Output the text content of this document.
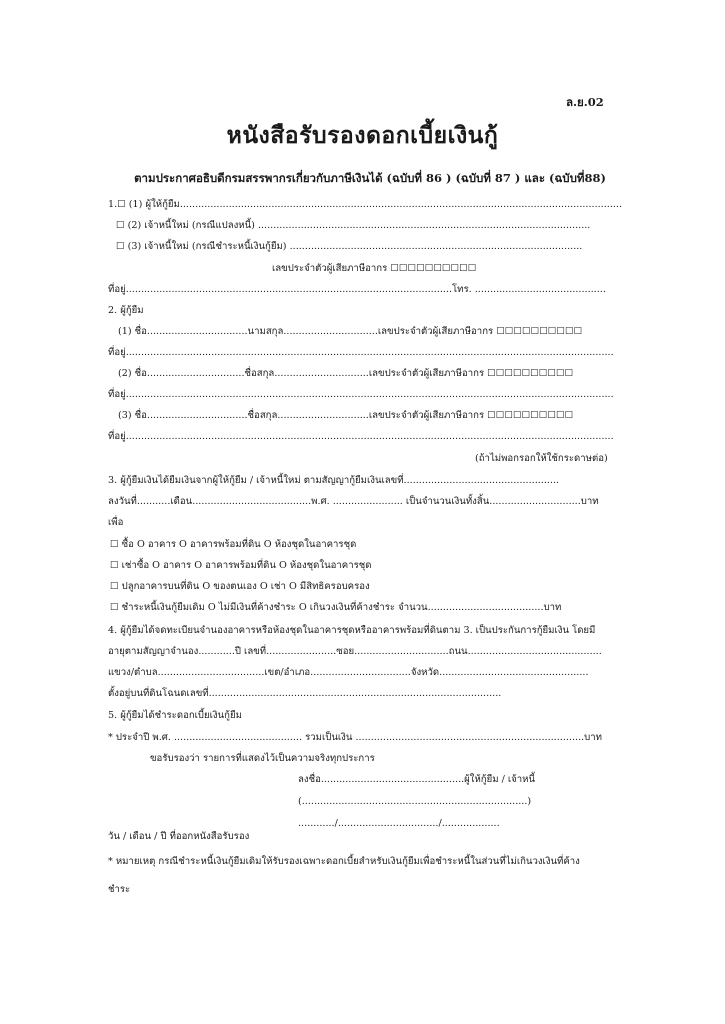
ล.ย.02
หนังสือรับรองดอกเบี้ยเงินกู้
ตามประกาศอธิบดีกรมสรรพากรเกี่ยวกับภาษีเงินได้ (ฉบับที่ 86 ) (ฉบับที่ 87 ) และ (ฉบับที่88)
1.☐ (1) ผู้ให้กู้ยืม.................................................................................................................................................
☐ (2) เจ้าหนี้ใหม่ (กรณีแปลงหนี้) .............................................................................................................
☐ (3) เจ้าหนี้ใหม่ (กรณีชำระหนี้เงินกู้ยืม) ................................................................................................
เลขประจำตัวผู้เสียภาษีอากร ☐☐☐☐☐☐☐☐☐☐
ที่อยู่...........................................................................................................โทร. ...........................................
2. ผู้กู้ยืม
(1) ชื่อ.................................นามสกุล...............................เลขประจำตัวผู้เสียภาษีอากร ☐☐☐☐☐☐☐☐☐☐
ที่อยู่................................................................................................................................................................
(2) ชื่อ................................ชื่อสกุล...............................เลขประจำตัวผู้เสียภาษีอากร ☐☐☐☐☐☐☐☐☐☐
ที่อยู่................................................................................................................................................................
(3) ชื่อ.................................ชื่อสกุล..............................เลขประจำตัวผู้เสียภาษีอากร ☐☐☐☐☐☐☐☐☐☐
ที่อยู่................................................................................................................................................................
(ถ้าไม่พอกรอกให้ใช้กระดาษต่อ)
3. ผู้กู้ยืมเงินได้ยืมเงินจากผู้ให้กู้ยืม / เจ้าหนี้ใหม่ ตามสัญญากู้ยืมเงินเลขที่...................................................
ลงวันที่...........เดือน.......................................พ.ศ. ....................... เป็นจำนวนเงินทั้งสิ้น..............................บาท
เพื่อ
☐ ซื้อ O อาคาร O อาคารพร้อมที่ดิน O ห้องชุดในอาคารชุด
☐ เช่าซื้อ O อาคาร O อาคารพร้อมที่ดิน O ห้องชุดในอาคารชุด
☐ ปลูกอาคารบนที่ดิน O ของตนเอง O เช่า O มีสิทธิครอบครอง
☐ ชำระหนี้เงินกู้ยืมเดิม O ไม่มีเงินที่ค้างชำระ O เกินวงเงินที่ค้างชำระ จำนวน......................................บาท
4. ผู้กู้ยืมได้จดทะเบียนจำนองอาคารหรือห้องชุดในอาคารชุดหรืออาคารพร้อมที่ดินตาม 3. เป็นประกันการกู้ยืมเงิน โดยมี
อายุตามสัญญาจำนอง............ปี เลขที่.......................ซอย...............................ถนน............................................
แขวง/ตำบล...................................เขต/อำเภอ.................................จังหวัด.................................................
ตั้งอยู่บนที่ดินโฉนดเลขที่................................................................................................
5. ผู้กู้ยืมได้ชำระดอกเบี้ยเงินกู้ยืม
* ประจำปี พ.ศ. .......................................... รวมเป็นเงิน ...........................................................................บาท
ขอรับรองว่า รายการที่แสดงไว้เป็นความจริงทุกประการ
ลงชื่อ...............................................ผู้ให้กู้ยืม / เจ้าหนี้
(..........................................................................)
............/................................./...................
วัน / เดือน / ปี ที่ออกหนังสือรับรอง
* หมายเหตุ กรณีชำระหนี้เงินกู้ยืมเดิมให้รับรองเฉพาะดอกเบี้ยสำหรับเงินกู้ยืมเพื่อชำระหนี้ในส่วนที่ไม่เกินวงเงินที่ค้าง
ชำระ
